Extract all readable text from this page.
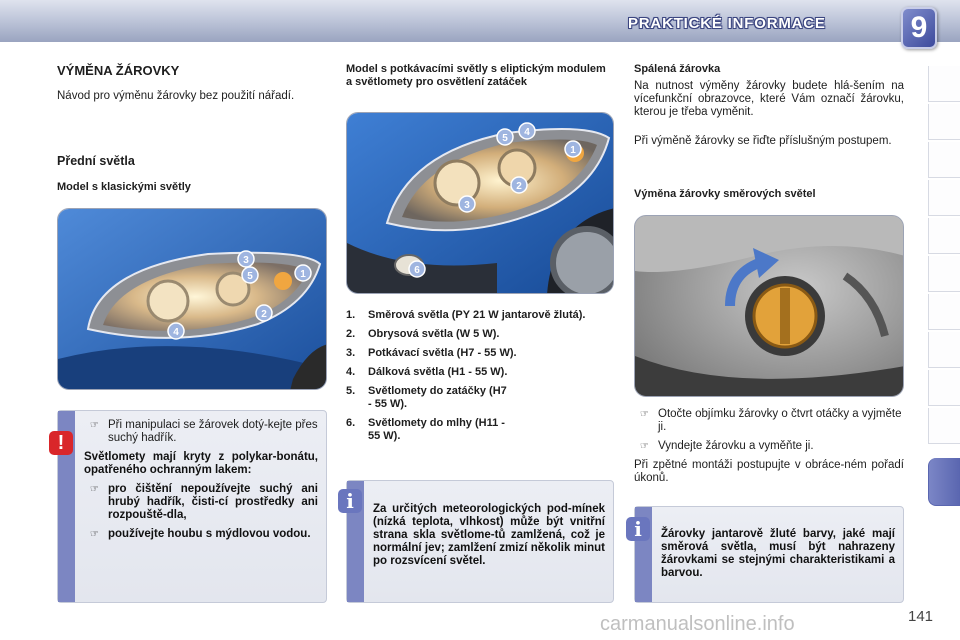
PRAKTICKÉ INFORMACE	9
VÝMĚNA ŽÁROVKY
Návod pro výměnu žárovky bez použití nářadí.
Přední světla
Model s klasickými světly
1
2
3
4
5
!
☞ Při manipulaci se žárovek dotý-kejte přes suchý hadřík.
Světlomety mají kryty z polykar-bonátu, opatřeného ochranným lakem:
☞ pro čištění nepoužívejte suchý ani hrubý hadřík, čisti-cí prostředky ani rozpouště-dla,
☞ používejte houbu s mýdlovou vodou.
Model s potkávacími světly s eliptickým modulem a světlomety pro osvětlení zatáček
1
2
3
4
5
6
1.	Směrová světla (PY 21 W jantarově žlutá).
2.	Obrysová světla (W 5 W).
3.	Potkávací světla (H7 - 55 W).
4.	Dálková světla (H1 - 55 W).
5.	Světlomety do zatáčky (H7 - 55 W).
6.	Světlomety do mlhy (H11 - 55 W).
i	Za určitých meteorologických pod-mínek (nízká teplota, vlhkost) může být vnitřní strana skla světlome-tů zamlžená, což je normální jev; zamlžení zmizí několik minut po rozsvícení světel.
Spálená žárovka
Na nutnost výměny žárovky budete hlá-šením na vícefunkční obrazovce, které Vám označí žárovku, kterou je třeba vyměnit.
Při výměně žárovky se řiďte příslušným postupem.
Výměna žárovky směrových světel
☞ Otočte objímku žárovky o čtvrt otáčky a vyjměte ji.
☞ Vyndejte žárovku a vyměňte ji.
Při zpětné montáži postupujte v obráce-ném pořadí úkonů.
i	Žárovky jantarově žluté barvy, jaké mají směrová světla, musí být nahrazeny žárovkami se stejnými charakteristikami a barvou.
carmanualsonline.info	141
